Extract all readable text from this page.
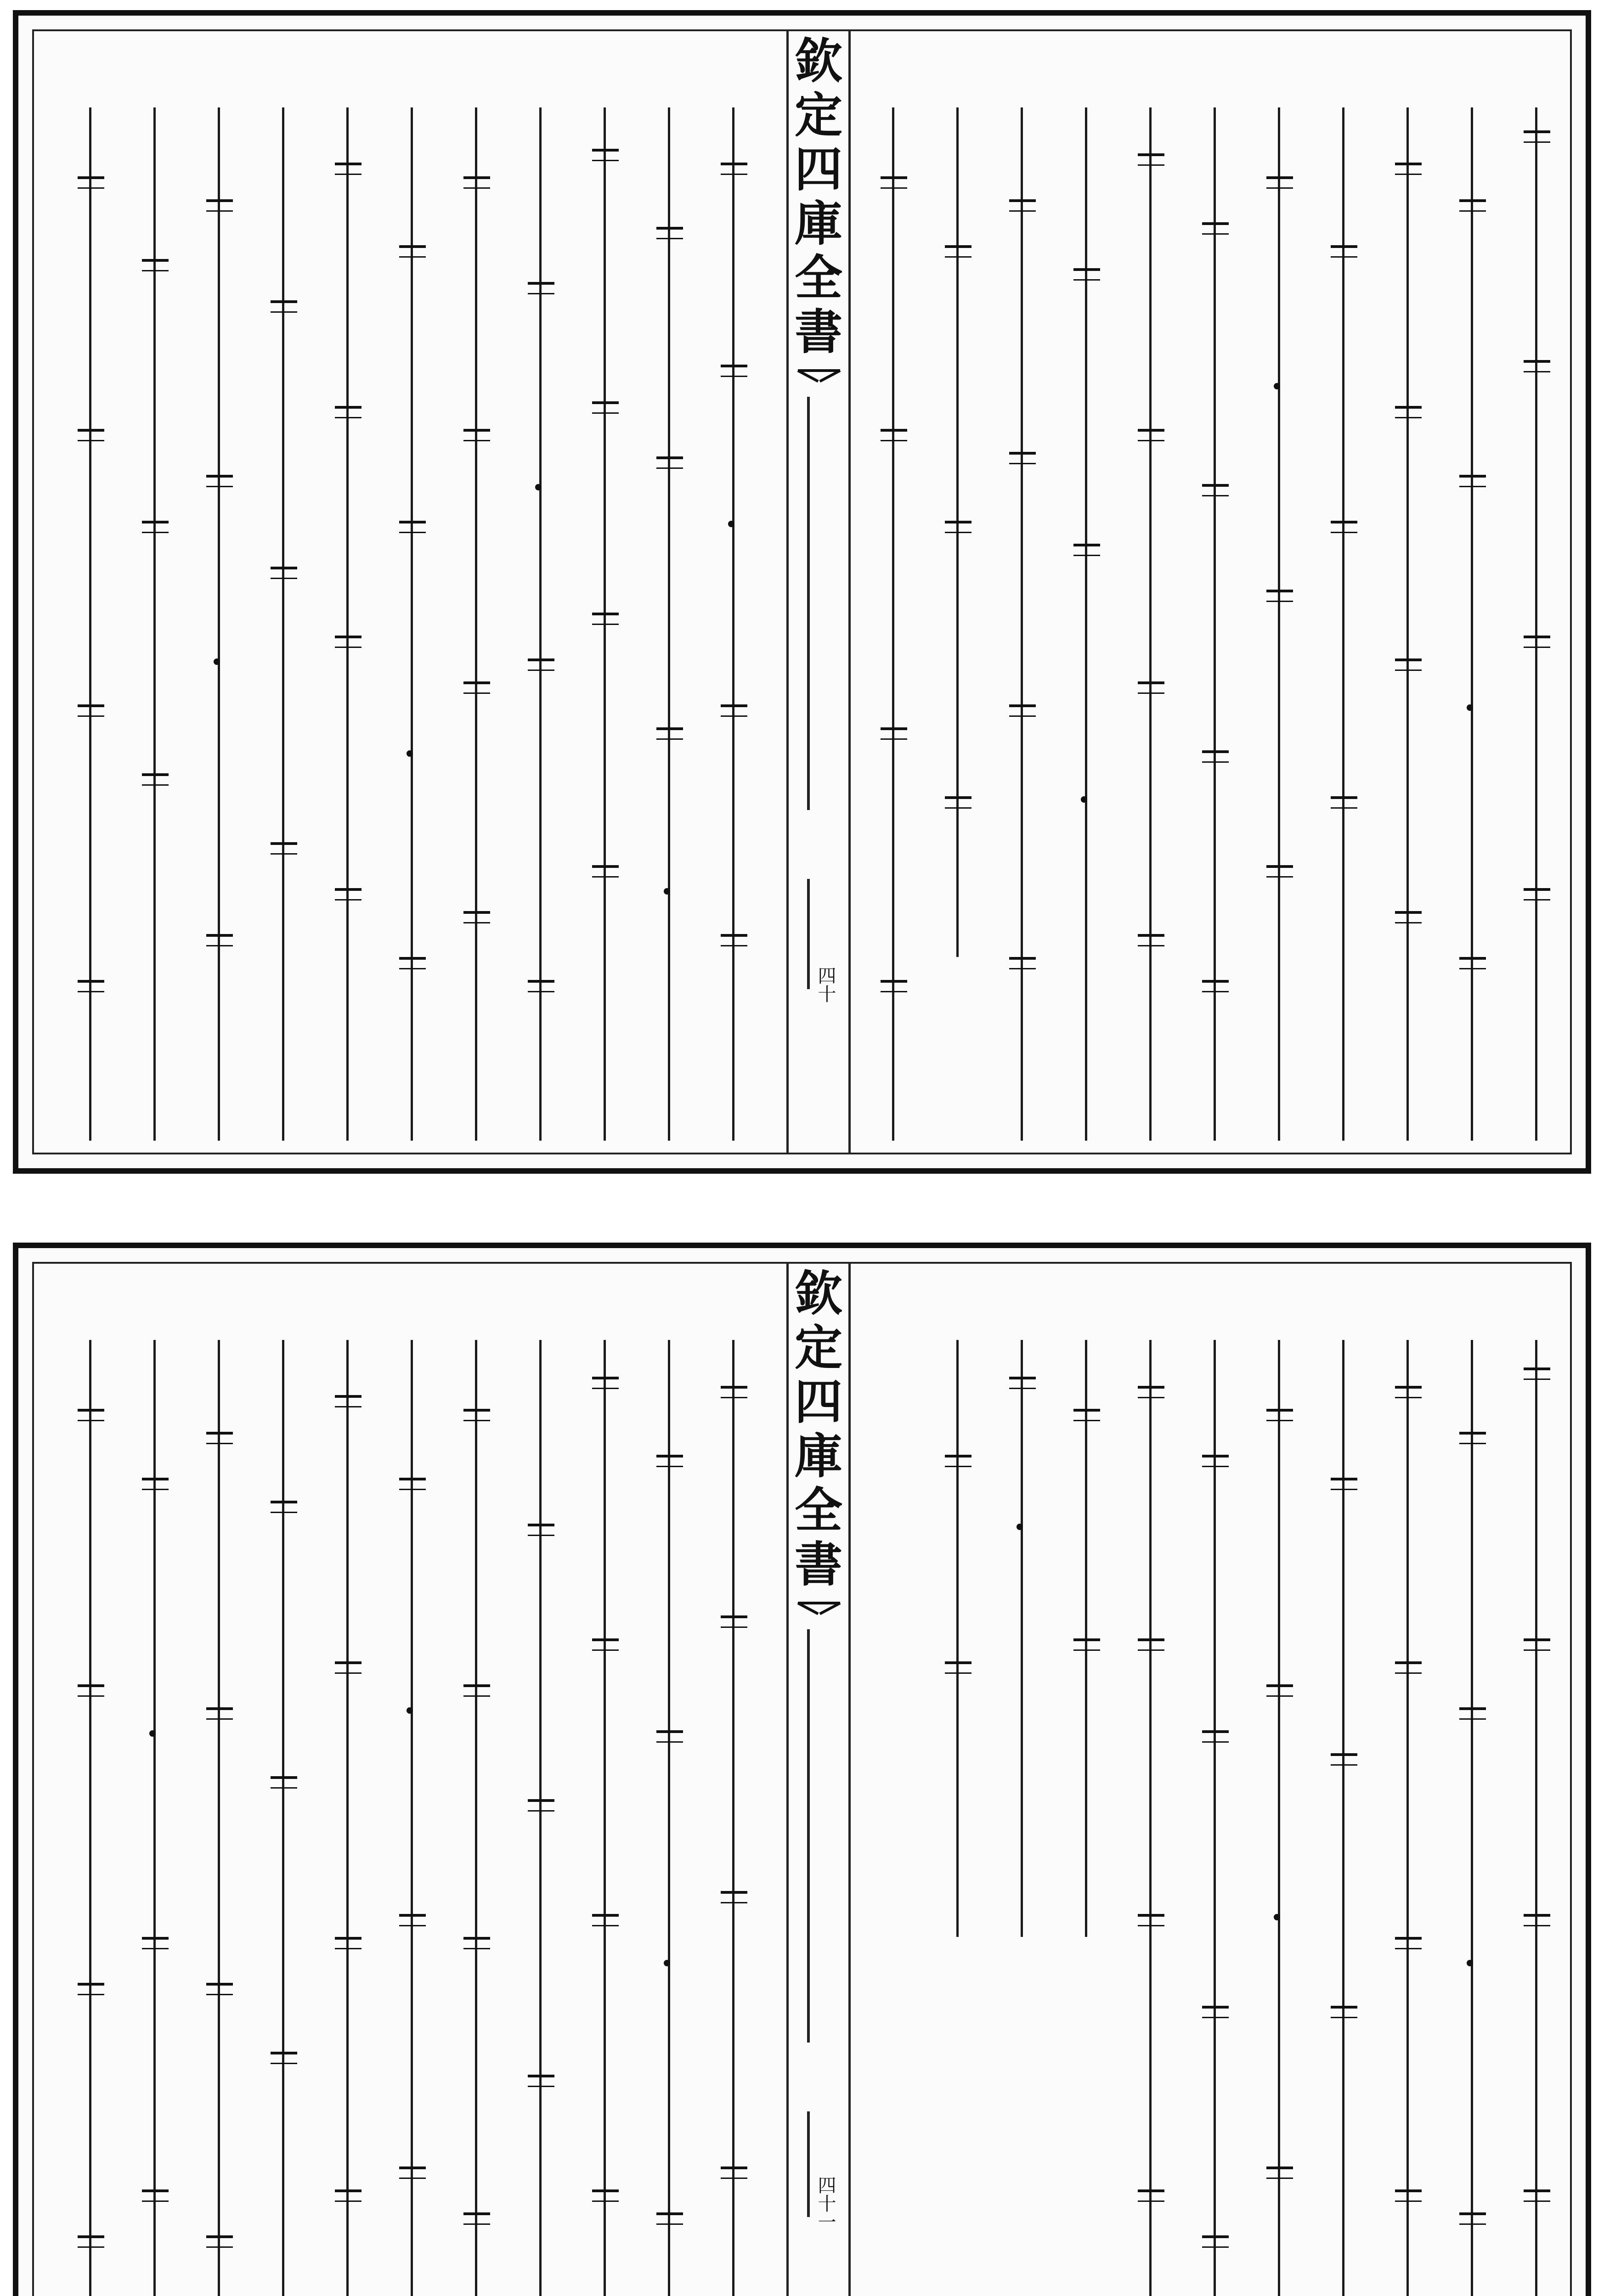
欽
定
四
庫
全
書
四十
欽
定
四
庫
全
書
四十一
